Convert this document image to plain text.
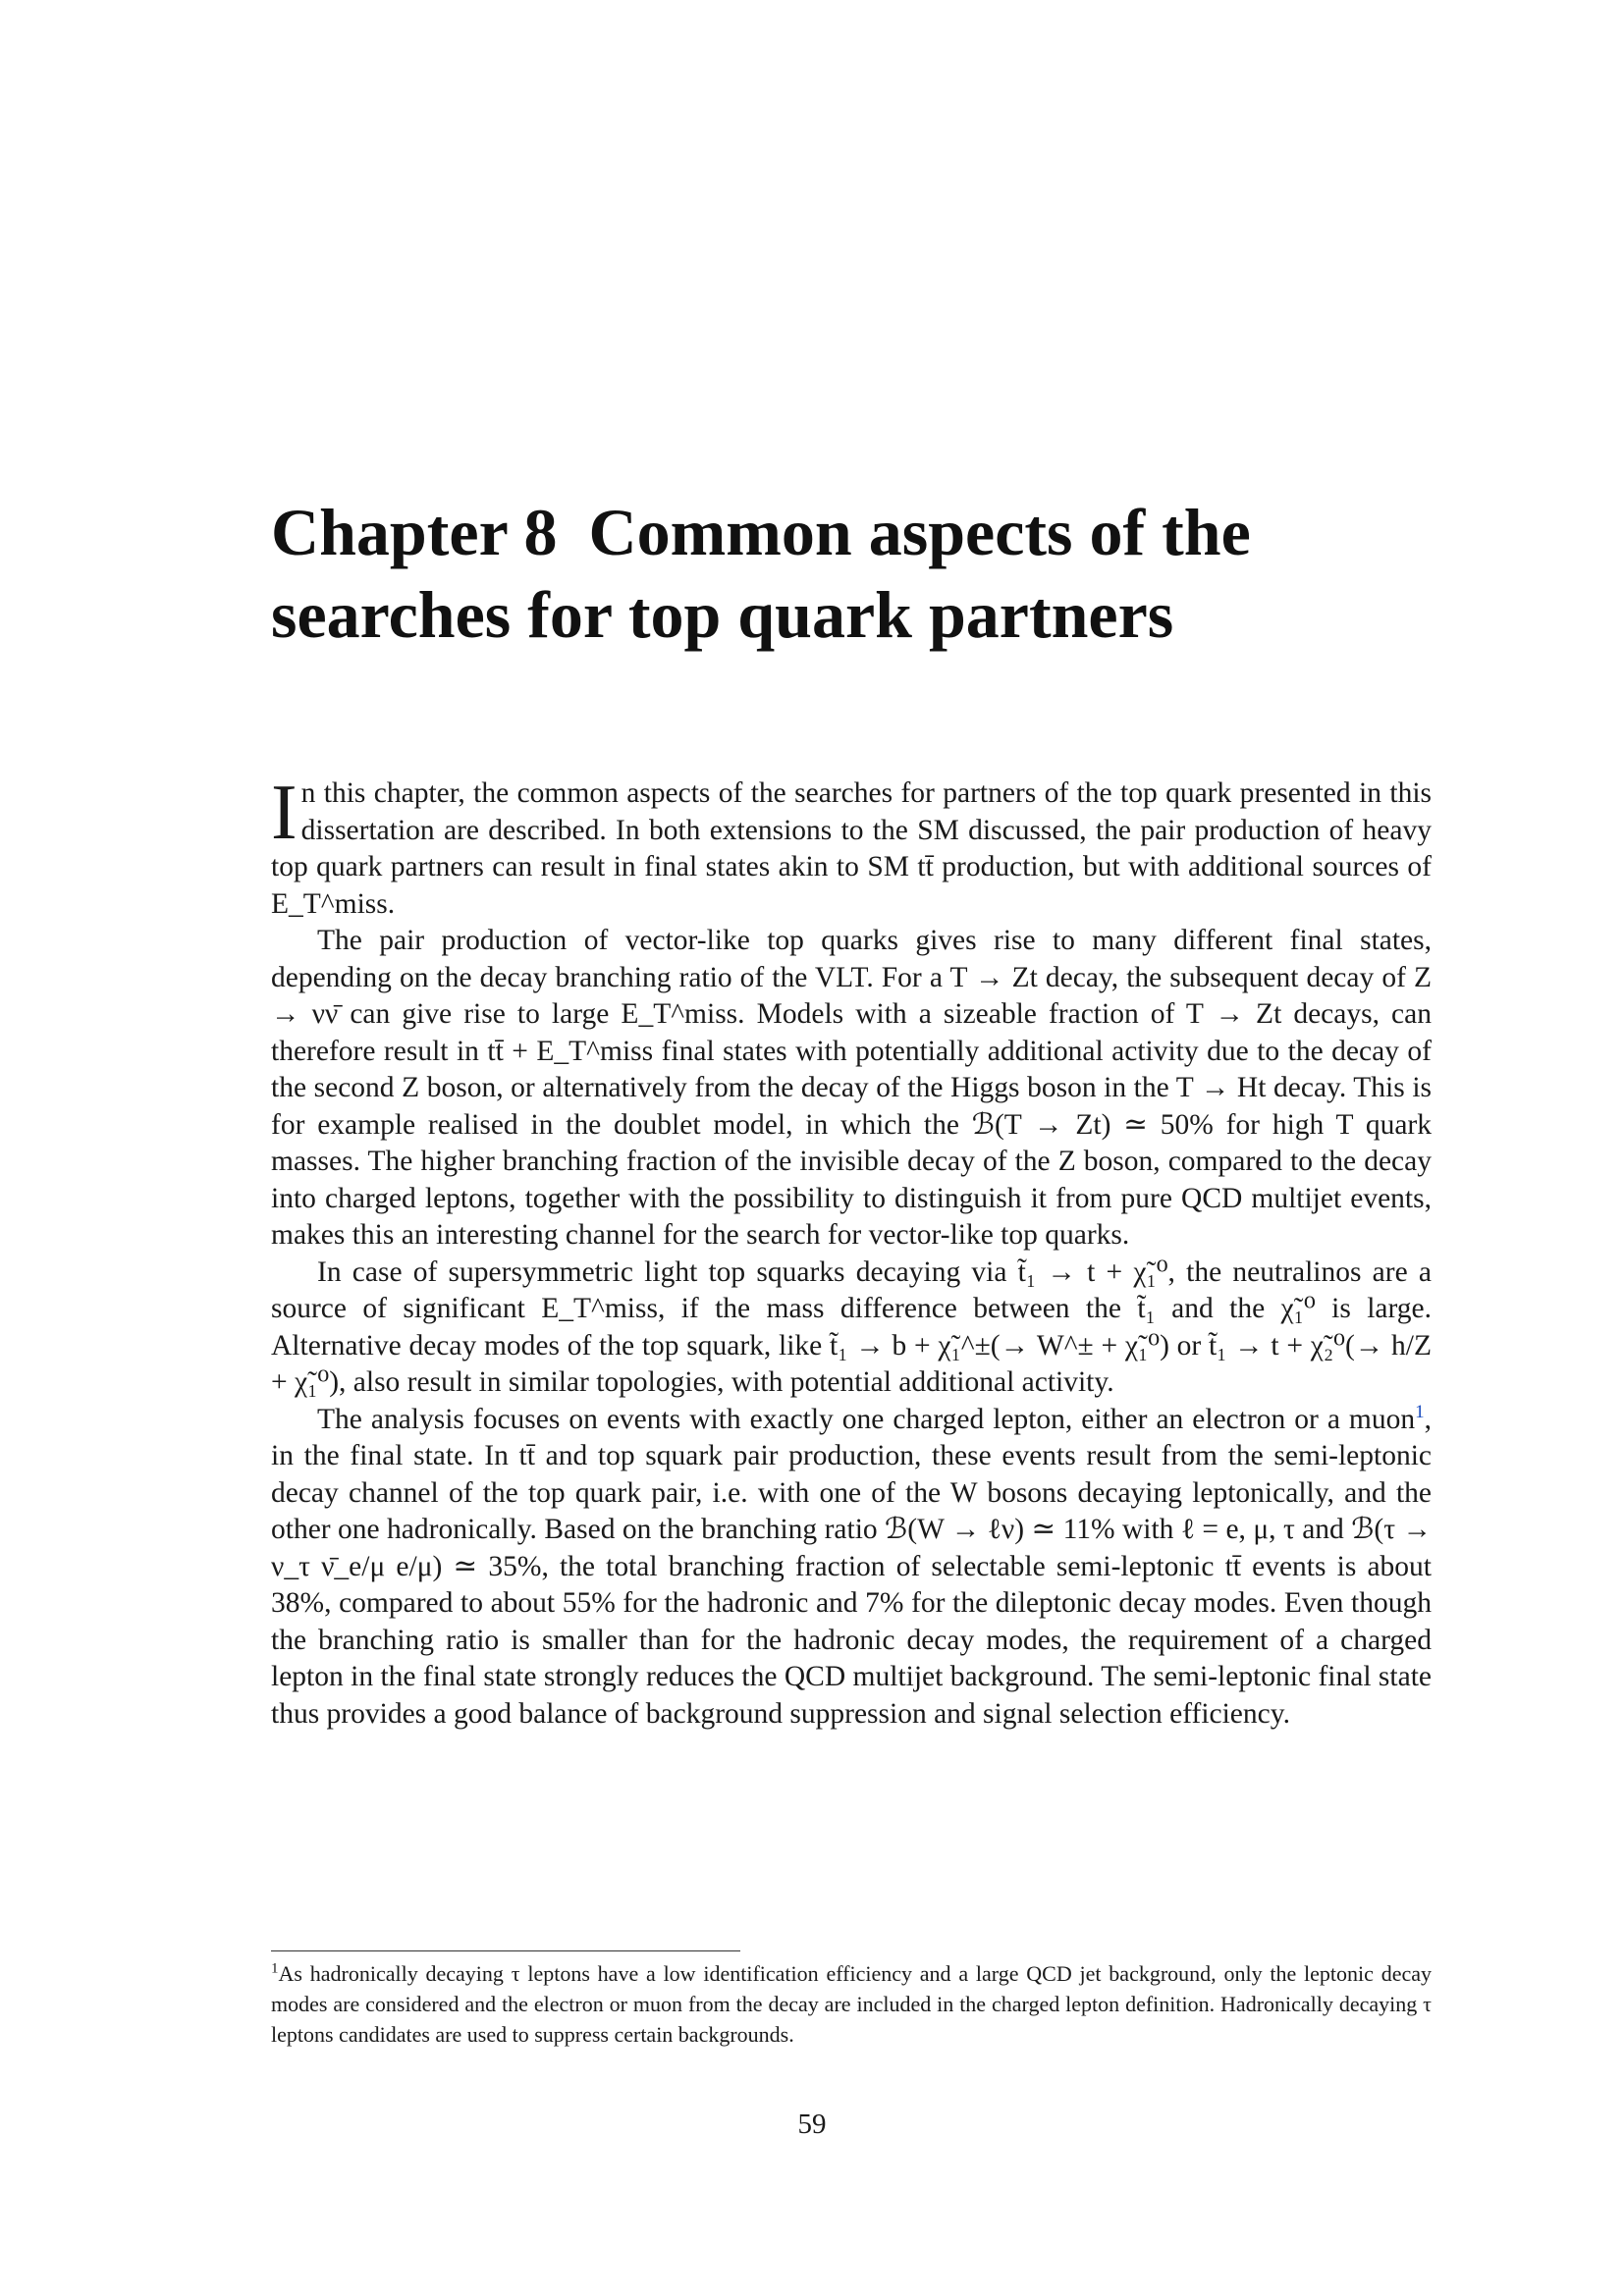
Chapter 8 Common aspects of the
searches for top quark partners

In this chapter, the common aspects of the searches for partners of the top quark presented in this dissertation are described. In both extensions to the SM discussed, the pair production of heavy top quark partners can result in final states akin to SM tt̄ production, but with additional sources of E_T^miss.

The pair production of vector-like top quarks gives rise to many different final states, depending on the decay branching ratio of the VLT. For a T → Zt decay, the subsequent decay of Z → νν̄ can give rise to large E_T^miss. Models with a sizeable fraction of T → Zt decays, can therefore result in tt̄ + E_T^miss final states with potentially additional activity due to the decay of the second Z boson, or alternatively from the decay of the Higgs boson in the T → Ht decay. This is for example realised in the doublet model, in which the ℬ(T → Zt) ≃ 50% for high T quark masses. The higher branching fraction of the invisible decay of the Z boson, compared to the decay into charged leptons, together with the possibility to distinguish it from pure QCD multijet events, makes this an interesting channel for the search for vector-like top quarks.

In case of supersymmetric light top squarks decaying via t̃₁ → t + χ̃₁⁰, the neutralinos are a source of significant E_T^miss, if the mass difference between the t̃₁ and the χ̃₁⁰ is large. Alternative decay modes of the top squark, like t̃₁ → b + χ̃₁^±(→ W^± + χ̃₁⁰) or t̃₁ → t + χ̃₂⁰(→ h/Z + χ̃₁⁰), also result in similar topologies, with potential additional activity.

The analysis focuses on events with exactly one charged lepton, either an electron or a muon$^1$, in the final state. In tt̄ and top squark pair production, these events result from the semi-leptonic decay channel of the top quark pair, i.e. with one of the W bosons decaying leptonically, and the other one hadronically. Based on the branching ratio ℬ(W → ℓν) ≃ 11% with ℓ = e, μ, τ and ℬ(τ → ν_τ ν̄_e/μ e/μ) ≃ 35%, the total branching fraction of selectable semi-leptonic tt̄ events is about 38%, compared to about 55% for the hadronic and 7% for the dileptonic decay modes. Even though the branching ratio is smaller than for the hadronic decay modes, the requirement of a charged lepton in the final state strongly reduces the QCD multijet background. The semi-leptonic final state thus provides a good balance of background suppression and signal selection efficiency.

$^1$As hadronically decaying τ leptons have a low identification efficiency and a large QCD jet background, only the leptonic decay modes are considered and the electron or muon from the decay are included in the charged lepton definition. Hadronically decaying τ leptons candidates are used to suppress certain backgrounds.
59
